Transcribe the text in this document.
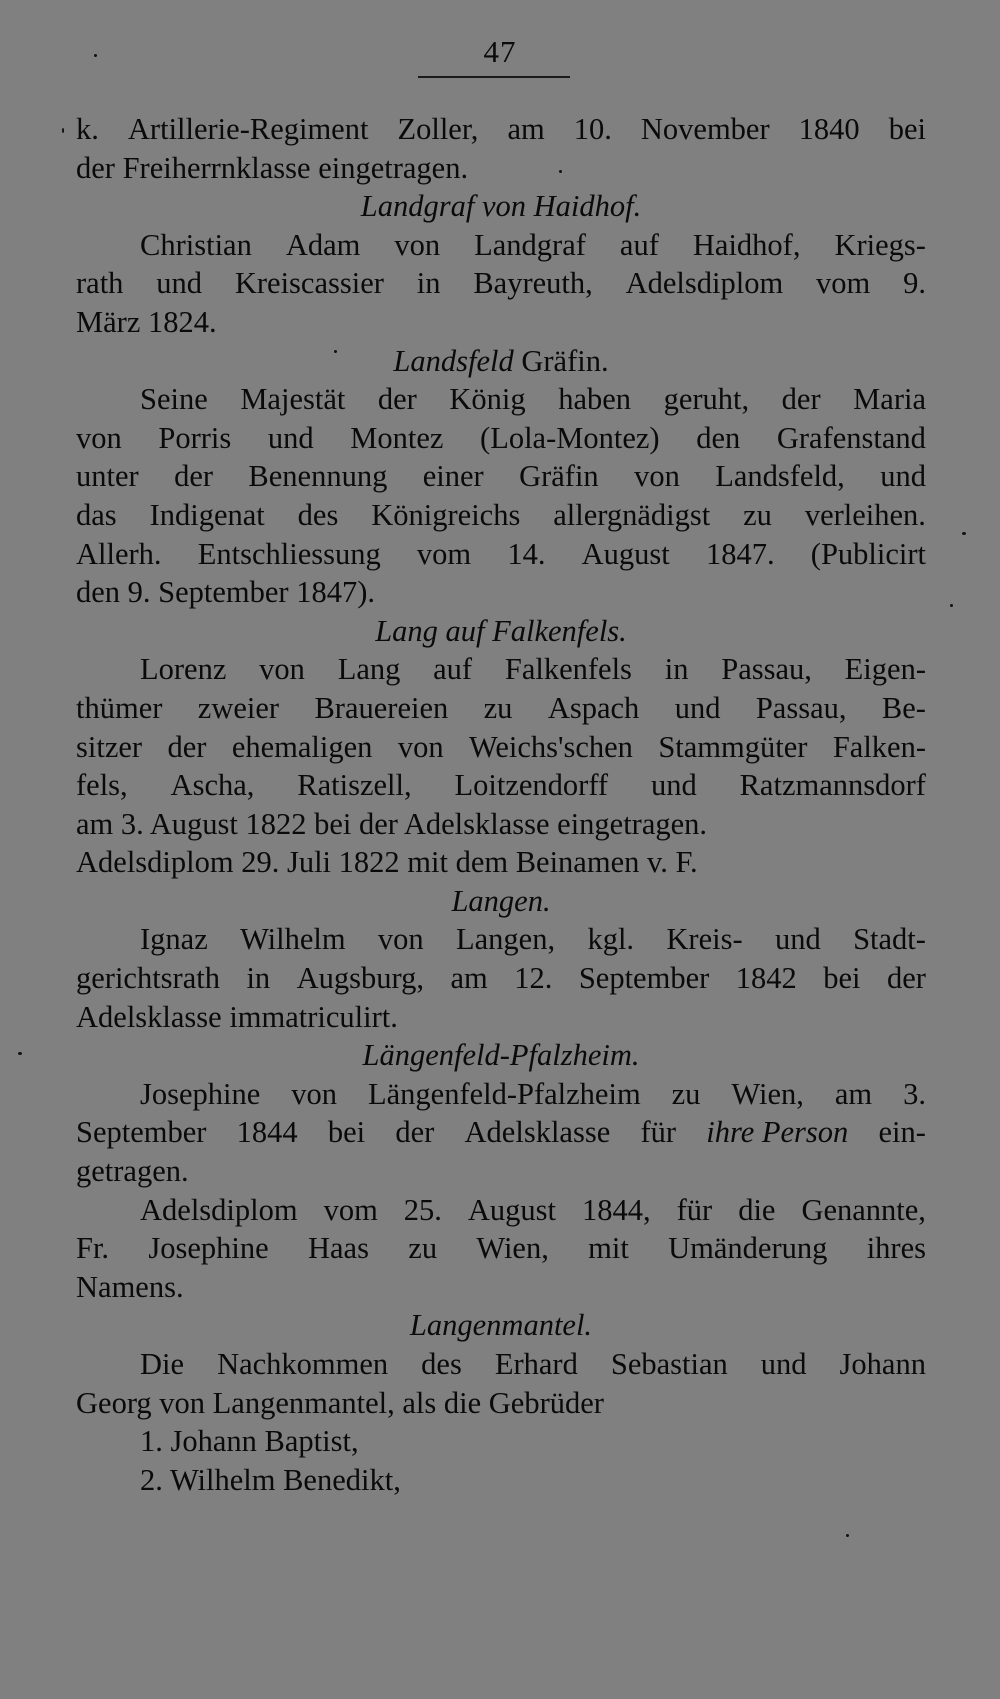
47
k. Artillerie-Regiment Zoller, am 10. November 1840 bei
der Freiherrnklasse eingetragen.
Landgraf von Haidhof.
Christian Adam von Landgraf auf Haidhof, Kriegs-
rath und Kreiscassier in Bayreuth, Adelsdiplom vom 9.
März 1824.
Landsfeld Gräfin.
Seine Majestät der König haben geruht, der Maria
von Porris und Montez (Lola-Montez) den Grafenstand
unter der Benennung einer Gräfin von Landsfeld, und
das Indigenat des Königreichs allergnädigst zu verleihen.
Allerh. Entschliessung vom 14. August 1847. (Publicirt
den 9. September 1847).
Lang auf Falkenfels.
Lorenz von Lang auf Falkenfels in Passau, Eigen-
thümer zweier Brauereien zu Aspach und Passau, Be-
sitzer der ehemaligen von Weichs'schen Stammgüter Falken-
fels, Ascha, Ratiszell, Loitzendorff und Ratzmannsdorf
am 3. August 1822 bei der Adelsklasse eingetragen.
Adelsdiplom 29. Juli 1822 mit dem Beinamen v. F.
Langen.
Ignaz Wilhelm von Langen, kgl. Kreis- und Stadt-
gerichtsrath in Augsburg, am 12. September 1842 bei der
Adelsklasse immatriculirt.
Längenfeld-Pfalzheim.
Josephine von Längenfeld-Pfalzheim zu Wien, am 3.
September 1844 bei der Adelsklasse für ihre Person ein-
getragen.
Adelsdiplom vom 25. August 1844, für die Genannte,
Fr. Josephine Haas zu Wien, mit Umänderung ihres
Namens.
Langenmantel.
Die Nachkommen des Erhard Sebastian und Johann
Georg von Langenmantel, als die Gebrüder
1. Johann Baptist,
2. Wilhelm Benedikt,
